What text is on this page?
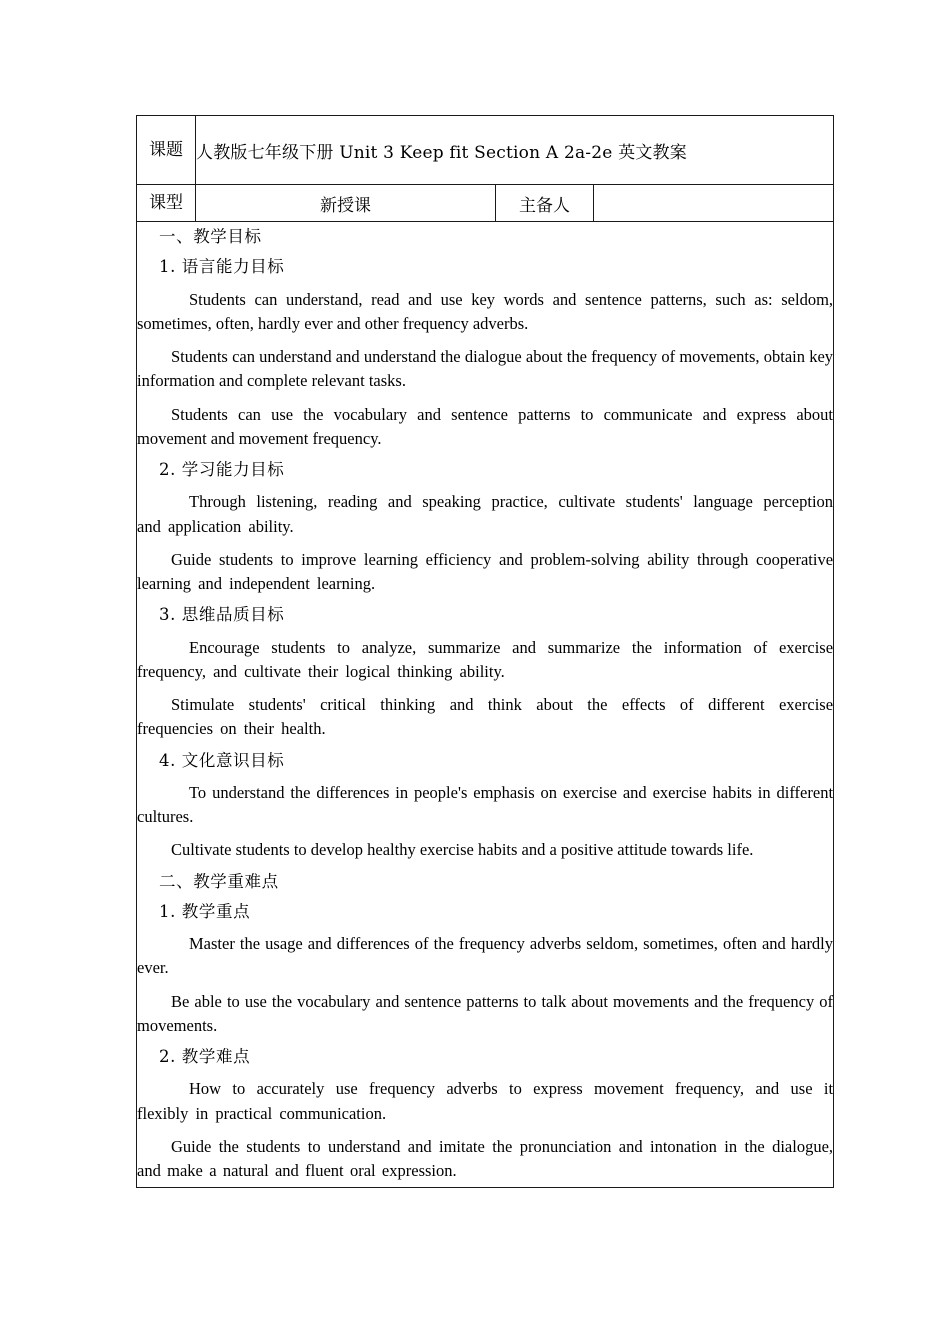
课题	人教版七年级下册 Unit 3 Keep fit Section A 2a-2e 英文教案		
课型	新授课	主备人	

一、教学目标
1. 语言能力目标

Students can understand, read and use key words and sentence patterns, such as: seldom, sometimes, often, hardly ever and other frequency adverbs.

Students can understand and understand the dialogue about the frequency of movements, obtain key information and complete relevant tasks.

Students can use the vocabulary and sentence patterns to communicate and express about movement and movement frequency.

2. 学习能力目标

Through listening, reading and speaking practice, cultivate students' language perception and application ability.

Guide students to improve learning efficiency and problem-solving ability through cooperative learning and independent learning.

3. 思维品质目标

Encourage students to analyze, summarize and summarize the information of exercise frequency, and cultivate their logical thinking ability.

Stimulate students' critical thinking and think about the effects of different exercise frequencies on their health.

4. 文化意识目标

To understand the differences in people's emphasis on exercise and exercise habits in different cultures.

Cultivate students to develop healthy exercise habits and a positive attitude towards life.

二、教学重难点
1. 教学重点

Master the usage and differences of the frequency adverbs seldom, sometimes, often and hardly ever.

Be able to use the vocabulary and sentence patterns to talk about movements and the frequency of movements.

2. 教学难点

How to accurately use frequency adverbs to express movement frequency, and use it flexibly in practical communication.

Guide the students to understand and imitate the pronunciation and intonation in the dialogue, and make a natural and fluent oral expression.
